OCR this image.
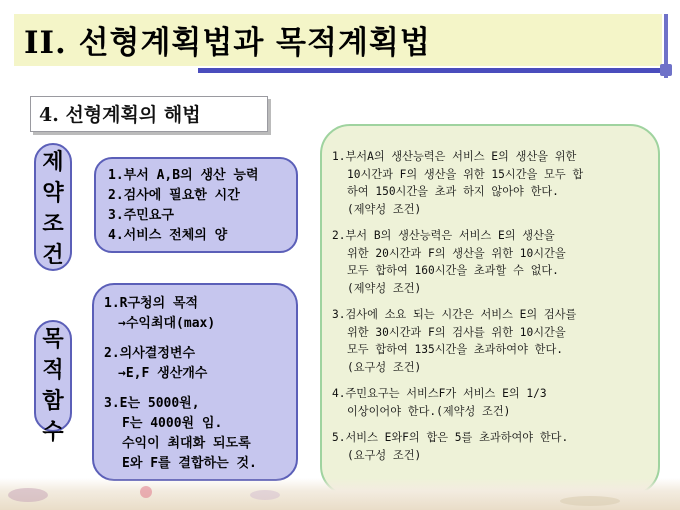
II. 선형계획법과 목적계획법
4. 선형계획의 해법
제
약
조
건
목
적
함
수
1.부서 A,B의 생산 능력
2.검사에 필요한 시간
3.주민요구
4.서비스 전체의 양
1.R구청의 목적
→수익최대(max)
2.의사결정변수
→E,F 생산개수
3.E는 5000원,
F는 4000원 임.
수익이 최대화 되도록
E와 F를 결합하는 것.
1.부서A의 생산능력은 서비스 E의 생산을 위한
10시간과 F의 생산을 위한 15시간을 모두 합
하여 150시간을 초과 하지 않아야 한다.
(제약성 조건)
2.부서 B의 생산능력은 서비스 E의 생산을
위한 20시간과 F의 생산을 위한 10시간을
모두 합하여 160시간을 초과할 수 없다.
(제약성 조건)
3.검사에 소요 되는 시간은 서비스 E의 검사를
위한 30시간과 F의 검사를 위한 10시간을
모두 합하여 135시간을 초과하여야 한다.
(요구성 조건)
4.주민요구는 서비스F가 서비스 E의 1/3
이상이어야 한다.(제약성 조건)
5.서비스 E와F의 합은 5를 초과하여야 한다.
(요구성 조건)
